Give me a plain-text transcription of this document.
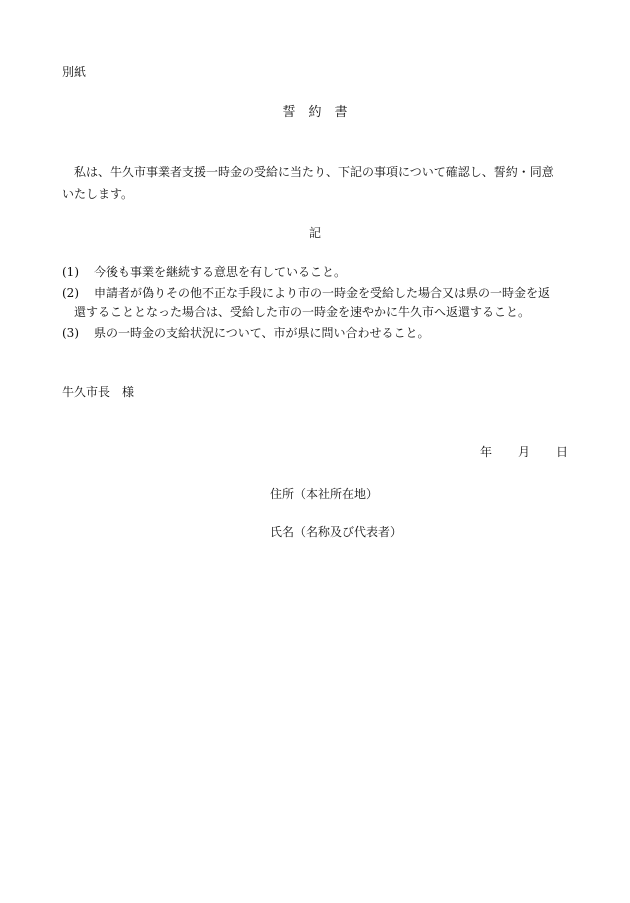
別紙
誓　約　書
　私は、牛久市事業者支援一時金の受給に当たり、下記の事項について確認し、誓約・同意
いたします。
記
(1) 今後も事業を継続する意思を有していること。
(2) 申請者が偽りその他不正な手段により市の一時金を受給した場合又は県の一時金を返
還することとなった場合は、受給した市の一時金を速やかに牛久市へ返還すること。
(3) 県の一時金の支給状況について、市が県に問い合わせること。
牛久市長　様
年 月 日
住所（本社所在地）
氏名（名称及び代表者）
